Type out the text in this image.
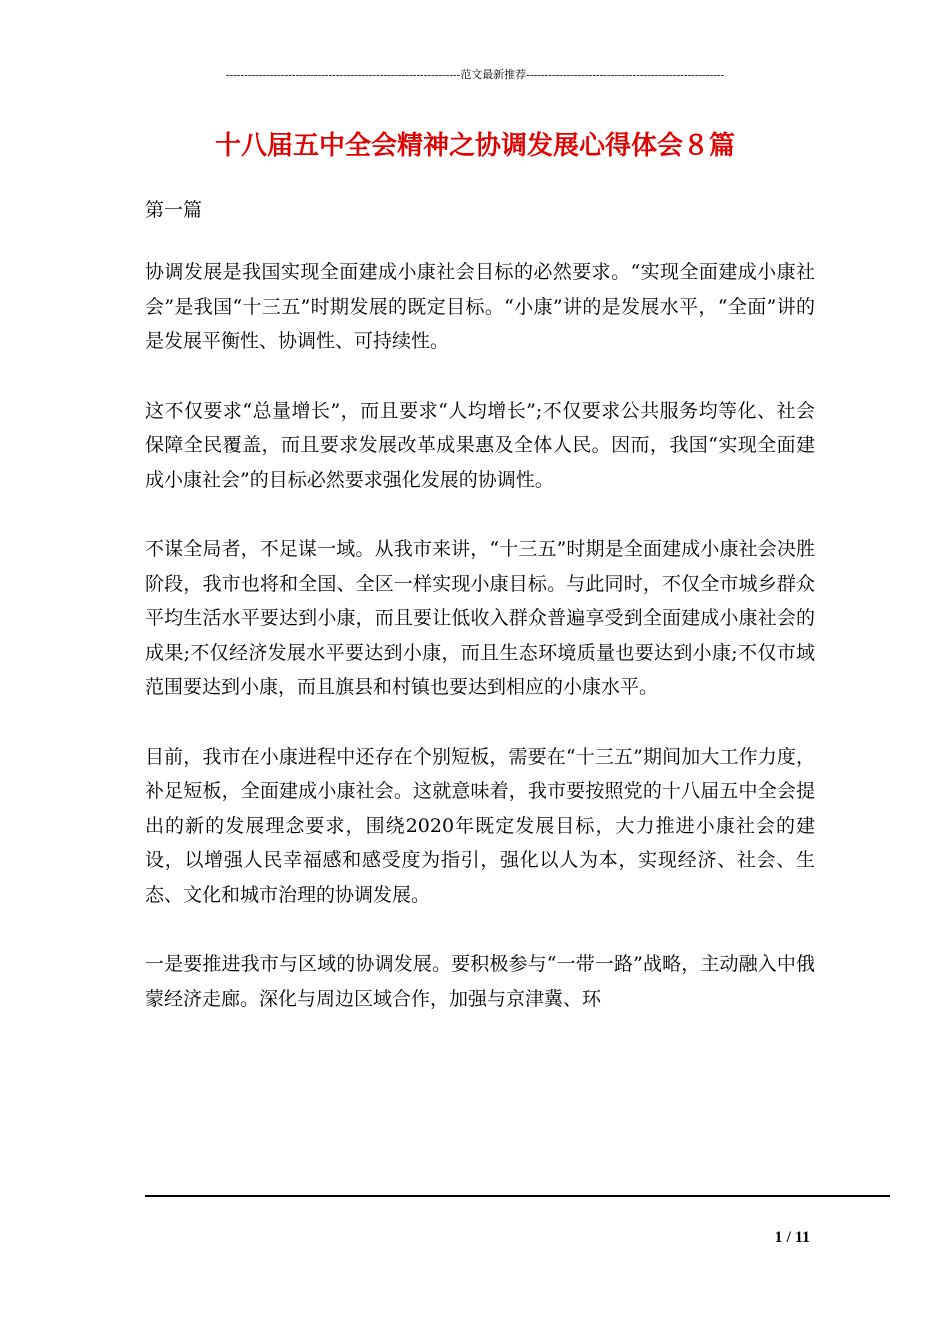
----------------------------------------------------------------范文最新推荐------------------------------------------------------
十八届五中全会精神之协调发展心得体会８篇

第一篇

协调发展是我国实现全面建成小康社会目标的必然要求。“实现全面建成小康社会”是我国“十三五”时期发展的既定目标。“小康”讲的是发展水平，“全面”讲的是发展平衡性、协调性、可持续性。

这不仅要求“总量增长”，而且要求“人均增长”;不仅要求公共服务均等化、社会保障全民覆盖，而且要求发展改革成果惠及全体人民。因而，我国“实现全面建成小康社会”的目标必然要求强化发展的协调性。

不谋全局者，不足谋一域。从我市来讲，“十三五”时期是全面建成小康社会决胜阶段，我市也将和全国、全区一样实现小康目标。与此同时，不仅全市城乡群众平均生活水平要达到小康，而且要让低收入群众普遍享受到全面建成小康社会的成果;不仅经济发展水平要达到小康，而且生态环境质量也要达到小康;不仅市域范围要达到小康，而且旗县和村镇也要达到相应的小康水平。

目前，我市在小康进程中还存在个别短板，需要在“十三五”期间加大工作力度，补足短板，全面建成小康社会。这就意味着，我市要按照党的十八届五中全会提出的新的发展理念要求，围绕2020年既定发展目标，大力推进小康社会的建设，以增强人民幸福感和感受度为指引，强化以人为本，实现经济、社会、生态、文化和城市治理的协调发展。

一是要推进我市与区域的协调发展。要积极参与“一带一路”战略，主动融入中俄蒙经济走廊。深化与周边区域合作，加强与京津冀、环

1 / 11
